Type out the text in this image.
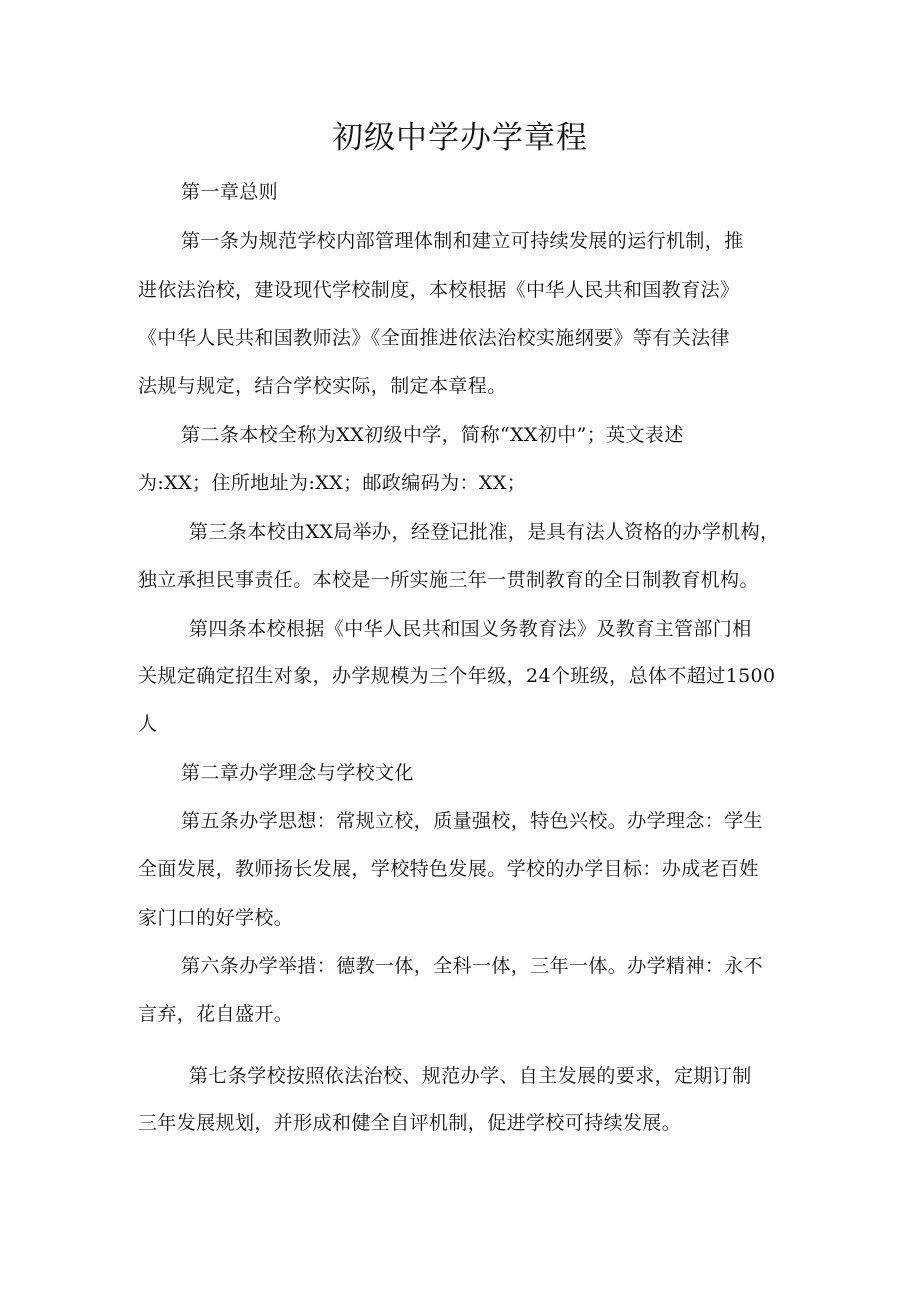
初级中学办学章程
第一章总则
第一条为规范学校内部管理体制和建立可持续发展的运行机制，推
进依法治校，建设现代学校制度，本校根据《中华人民共和国教育法》
《中华人民共和国教师法》《全面推进依法治校实施纲要》等有关法律
法规与规定，结合学校实际，制定本章程。
第二条本校全称为XX初级中学，简称“XX初中”；英文表述
为:XX；住所地址为:XX；邮政编码为：XX；
第三条本校由XX局举办，经登记批准，是具有法人资格的办学机构，
独立承担民事责任。本校是一所实施三年一贯制教育的全日制教育机构。
第四条本校根据《中华人民共和国义务教育法》及教育主管部门相
关规定确定招生对象，办学规模为三个年级，24个班级，总体不超过1500
人
第二章办学理念与学校文化
第五条办学思想：常规立校，质量强校，特色兴校。办学理念：学生
全面发展，教师扬长发展，学校特色发展。学校的办学目标：办成老百姓
家门口的好学校。
第六条办学举措：德教一体，全科一体，三年一体。办学精神：永不
言弃，花自盛开。
第七条学校按照依法治校、规范办学、自主发展的要求，定期订制
三年发展规划，并形成和健全自评机制，促进学校可持续发展。
